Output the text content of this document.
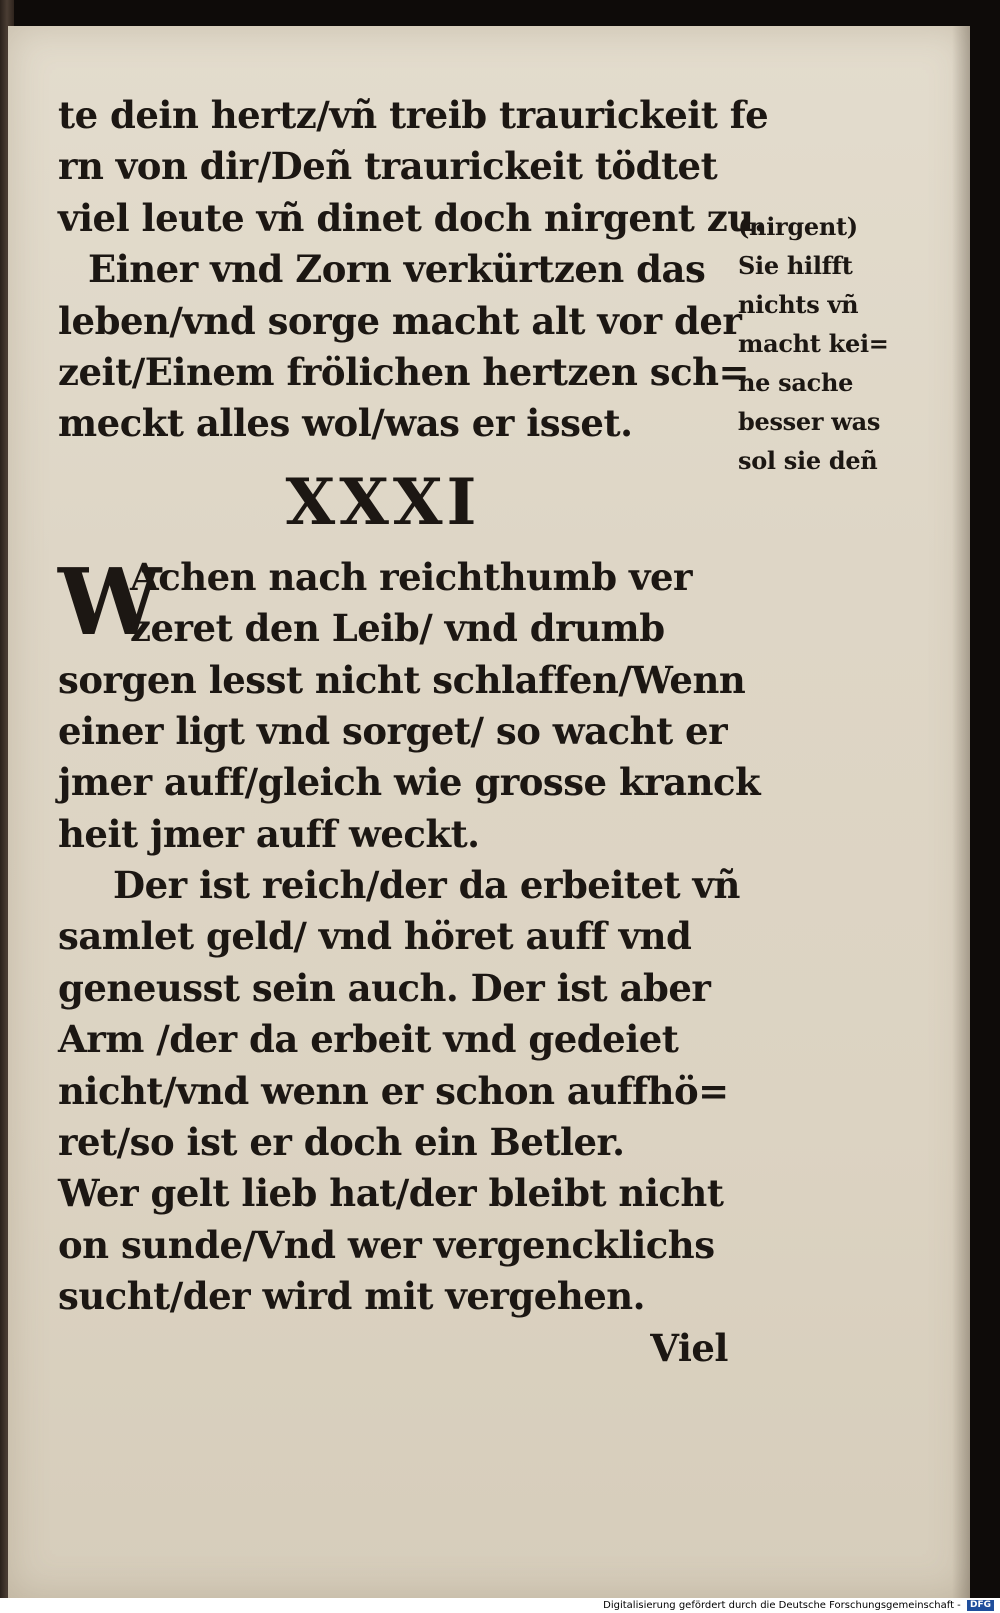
te dein hertz/vñ treib traurickeit fe
rn von dir/Deñ traurickeit tödtet
viel leute vñ dinet doch nirgent zu.
Einer vnd Zorn verkürtzen das
leben/vnd sorge macht alt vor der
zeit/Einem frölichen hertzen sch=
meckt alles wol/was er isset.
XXXI
W
Achen nach reichthumb ver
zeret den Leib/ vnd drumb
sorgen lesst nicht schlaffen/Wenn
einer ligt vnd sorget/ so wacht er
jmer auff/gleich wie grosse kranck
heit jmer auff weckt.
Der ist reich/der da erbeitet vñ
samlet geld/ vnd höret auff vnd
geneusst sein auch. Der ist aber
Arm /der da erbeit vnd gedeiet
nicht/vnd wenn er schon auffhö=
ret/so ist er doch ein Betler.
Wer gelt lieb hat/der bleibt nicht
on sunde/Vnd wer vergencklichs
sucht/der wird mit vergehen.
Viel
(nirgent)
Sie hilfft
nichts vñ
macht kei=
ne sache
besser was
sol sie deñ
Digitalisierung gefördert durch die Deutsche Forschungsgemeinschaft - DFG
